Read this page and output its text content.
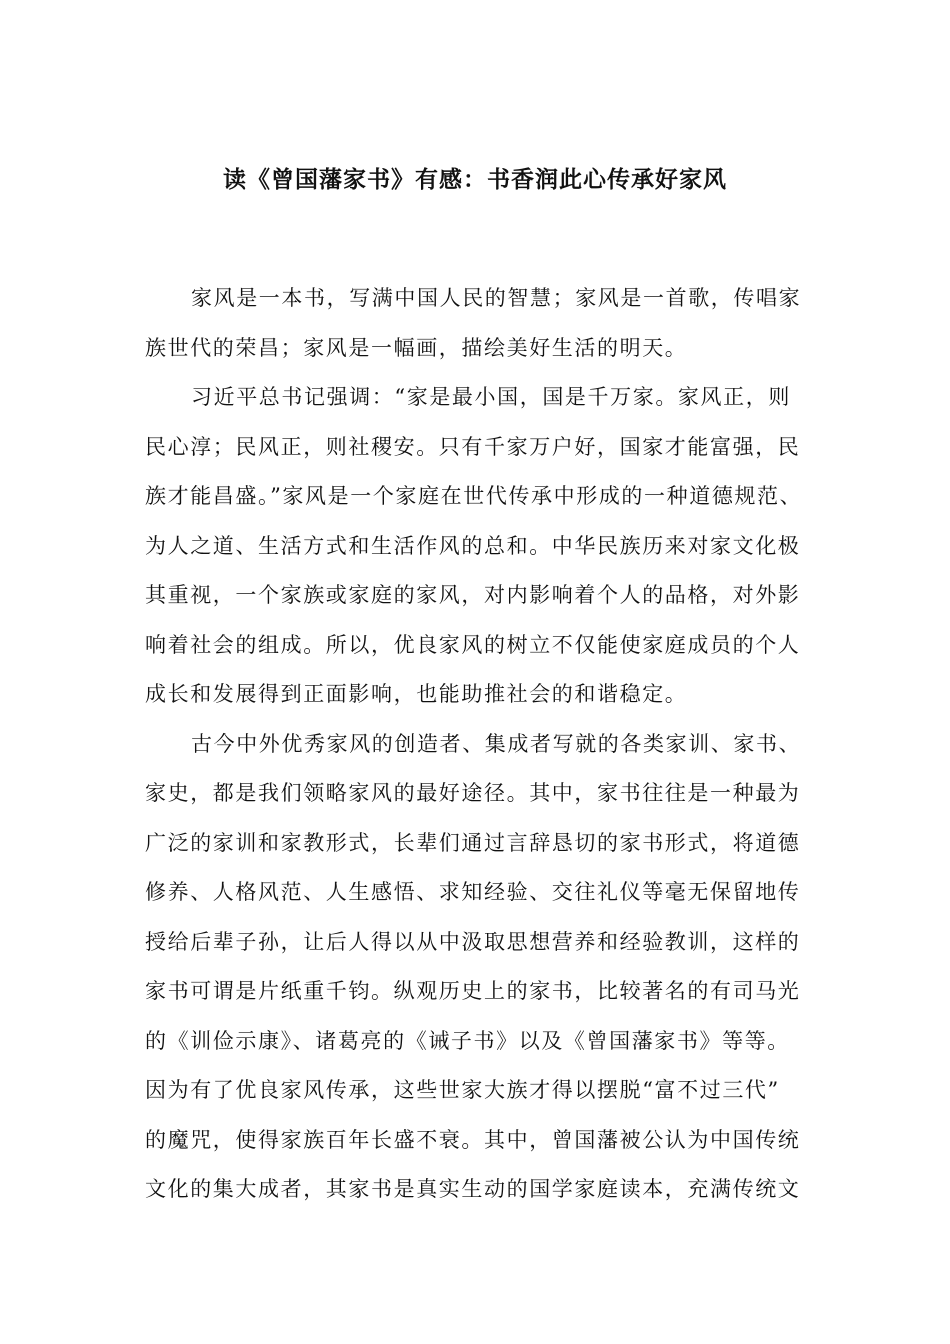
读《曾国藩家书》有感：书香润此心传承好家风
家风是一本书，写满中国人民的智慧；家风是一首歌，传唱家
族世代的荣昌；家风是一幅画，描绘美好生活的明天。
习近平总书记强调：“家是最小国，国是千万家。家风正，则
民心淳；民风正，则社稷安。只有千家万户好，国家才能富强，民
族才能昌盛。”家风是一个家庭在世代传承中形成的一种道德规范、
为人之道、生活方式和生活作风的总和。中华民族历来对家文化极
其重视，一个家族或家庭的家风，对内影响着个人的品格，对外影
响着社会的组成。所以，优良家风的树立不仅能使家庭成员的个人
成长和发展得到正面影响，也能助推社会的和谐稳定。
古今中外优秀家风的创造者、集成者写就的各类家训、家书、
家史，都是我们领略家风的最好途径。其中，家书往往是一种最为
广泛的家训和家教形式，长辈们通过言辞恳切的家书形式，将道德
修养、人格风范、人生感悟、求知经验、交往礼仪等毫无保留地传
授给后辈子孙，让后人得以从中汲取思想营养和经验教训，这样的
家书可谓是片纸重千钧。纵观历史上的家书，比较著名的有司马光
的《训俭示康》、诸葛亮的《诫子书》以及《曾国藩家书》等等。
因为有了优良家风传承，这些世家大族才得以摆脱“富不过三代”
的魔咒，使得家族百年长盛不衰。其中，曾国藩被公认为中国传统
文化的集大成者，其家书是真实生动的国学家庭读本，充满传统文
